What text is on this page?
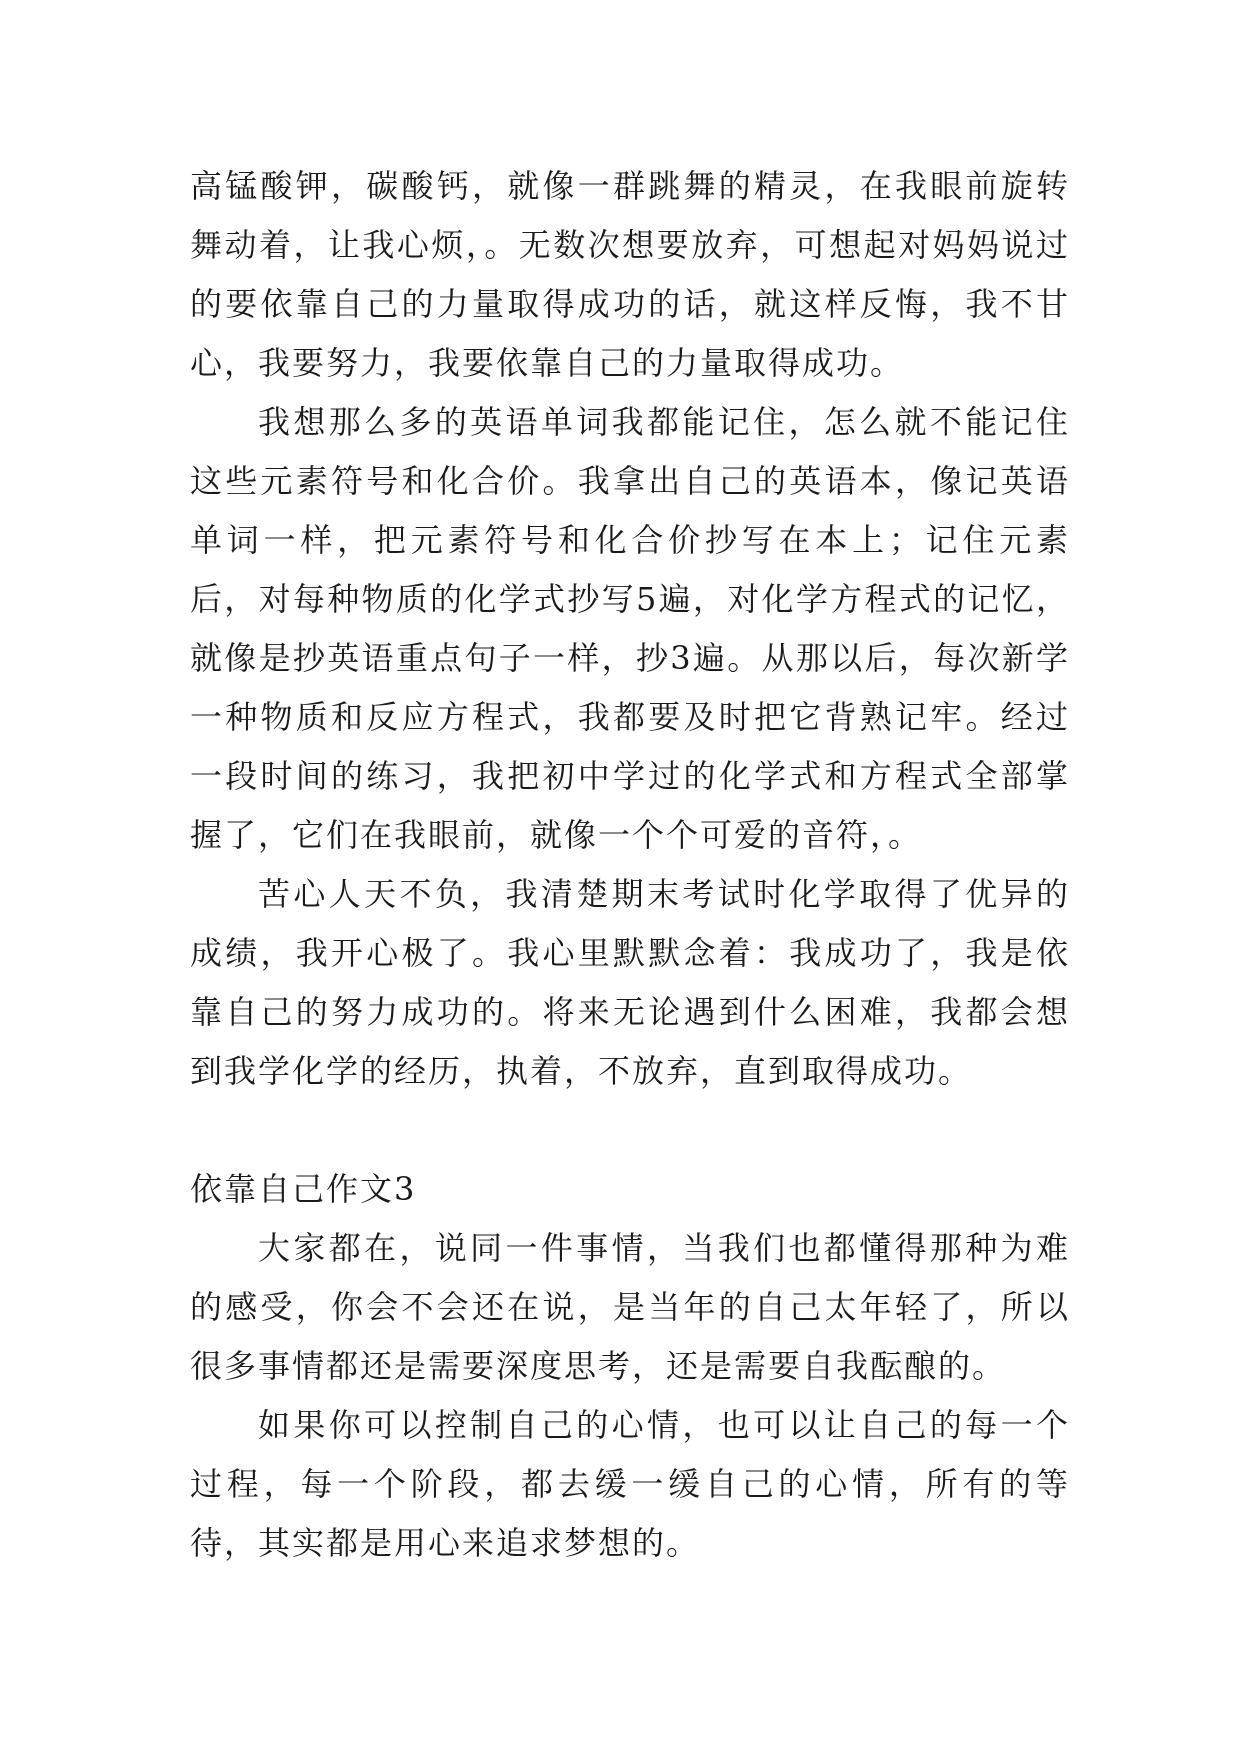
高锰酸钾，碳酸钙，就像一群跳舞的精灵，在我眼前旋转舞动着，让我心烦，。无数次想要放弃，可想起对妈妈说过的要依靠自己的力量取得成功的话，就这样反悔，我不甘心，我要努力，我要依靠自己的力量取得成功。

我想那么多的英语单词我都能记住，怎么就不能记住这些元素符号和化合价。我拿出自己的英语本，像记英语单词一样，把元素符号和化合价抄写在本上；记住元素后，对每种物质的化学式抄写5遍，对化学方程式的记忆，就像是抄英语重点句子一样，抄3遍。从那以后，每次新学一种物质和反应方程式，我都要及时把它背熟记牢。经过一段时间的练习，我把初中学过的化学式和方程式全部掌握了，它们在我眼前，就像一个个可爱的音符，。

苦心人天不负，我清楚期末考试时化学取得了优异的成绩，我开心极了。我心里默默念着：我成功了，我是依靠自己的努力成功的。将来无论遇到什么困难，我都会想到我学化学的经历，执着，不放弃，直到取得成功。

依靠自己作文3

大家都在，说同一件事情，当我们也都懂得那种为难的感受，你会不会还在说，是当年的自己太年轻了，所以很多事情都还是需要深度思考，还是需要自我酝酿的。

如果你可以控制自己的心情，也可以让自己的每一个过程，每一个阶段，都去缓一缓自己的心情，所有的等待，其实都是用心来追求梦想的。
